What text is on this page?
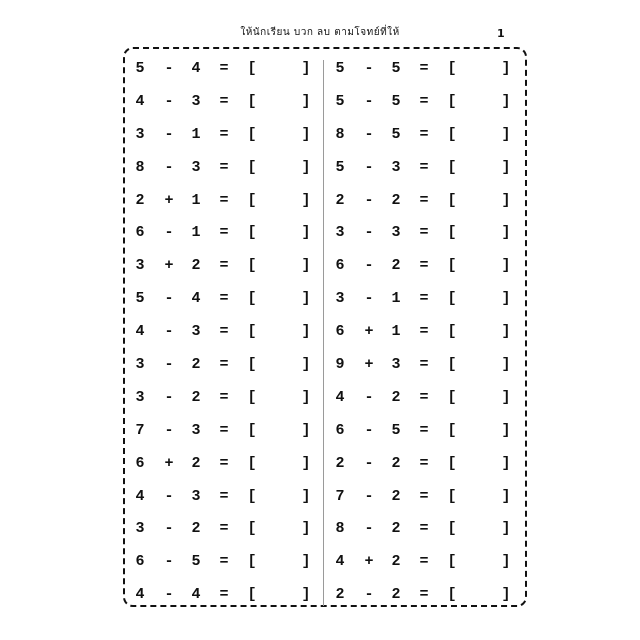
ให้นักเรียน บวก ลบ ตามโจทย์ที่ให้	1
5 - 4 = [	]
4 - 3 = [	]
3 - 1 = [	]
8 - 3 = [	]
2 + 1 = [	]
6 - 1 = [	]
3 + 2 = [	]
5 - 4 = [	]
4 - 3 = [	]
3 - 2 = [	]
3 - 2 = [	]
7 - 3 = [	]
6 + 2 = [	]
4 - 3 = [	]
3 - 2 = [	]
6 - 5 = [	]
4 - 4 = [	]
5 - 5 = [	]
5 - 5 = [	]
8 - 5 = [	]
5 - 3 = [	]
2 - 2 = [	]
3 - 3 = [	]
6 - 2 = [	]
3 - 1 = [	]
6 + 1 = [	]
9 + 3 = [	]
4 - 2 = [	]
6 - 5 = [	]
2 - 2 = [	]
7 - 2 = [	]
8 - 2 = [	]
4 + 2 = [	]
2 - 2 = [	]
